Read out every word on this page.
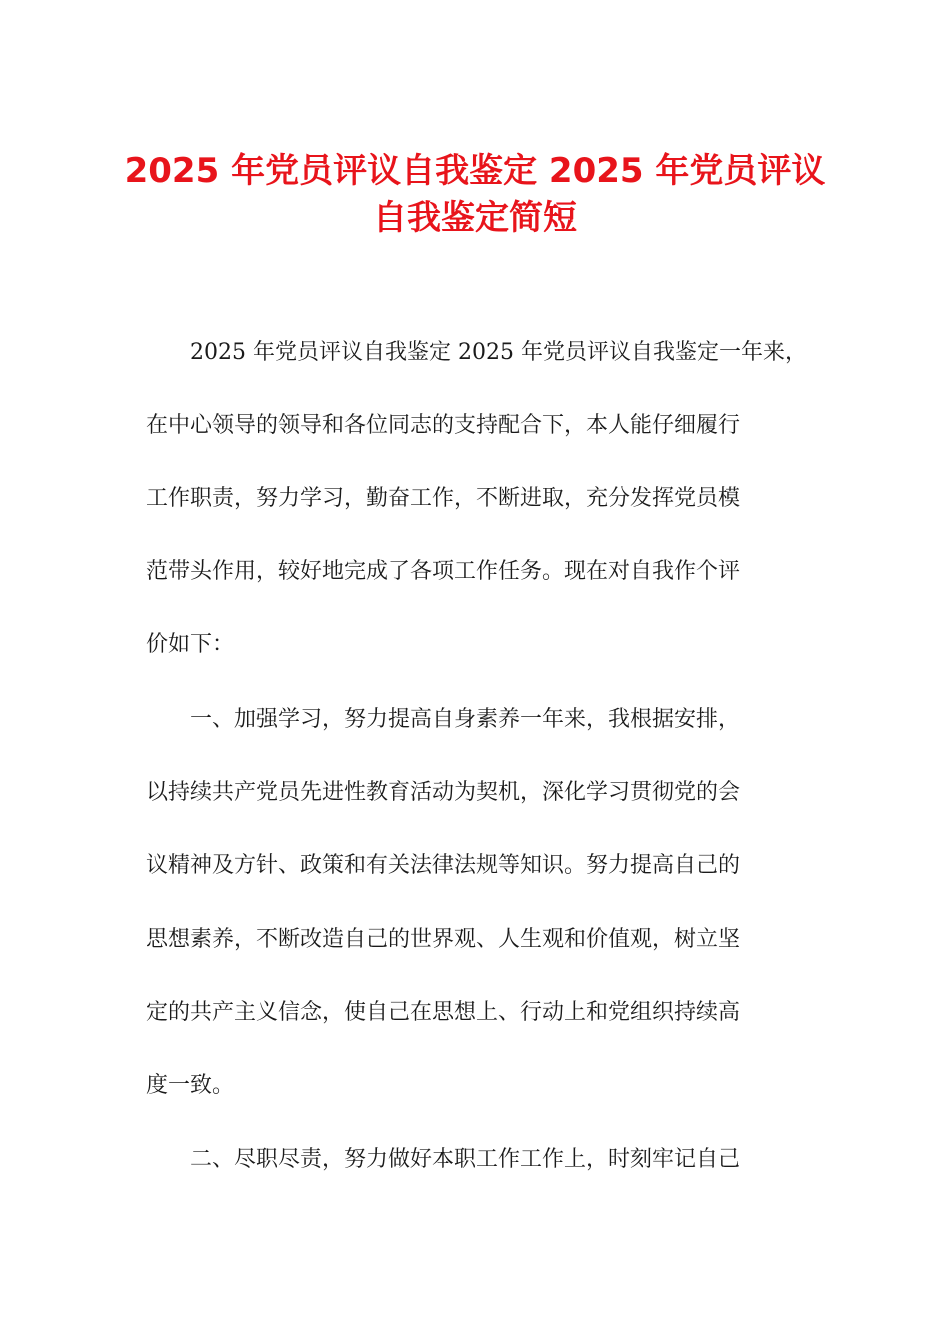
2025 年党员评议自我鉴定 2025 年党员评议
自我鉴定简短

2025 年党员评议自我鉴定 2025 年党员评议自我鉴定一年来，

在中心领导的领导和各位同志的支持配合下，本人能仔细履行

工作职责，努力学习，勤奋工作，不断进取，充分发挥党员模

范带头作用，较好地完成了各项工作任务。现在对自我作个评

价如下：

一、加强学习，努力提高自身素养一年来，我根据安排，

以持续共产党员先进性教育活动为契机，深化学习贯彻党的会

议精神及方针、政策和有关法律法规等知识。努力提高自己的

思想素养，不断改造自己的世界观、人生观和价值观，树立坚

定的共产主义信念，使自己在思想上、行动上和党组织持续高

度一致。

二、尽职尽责，努力做好本职工作工作上，时刻牢记自己
